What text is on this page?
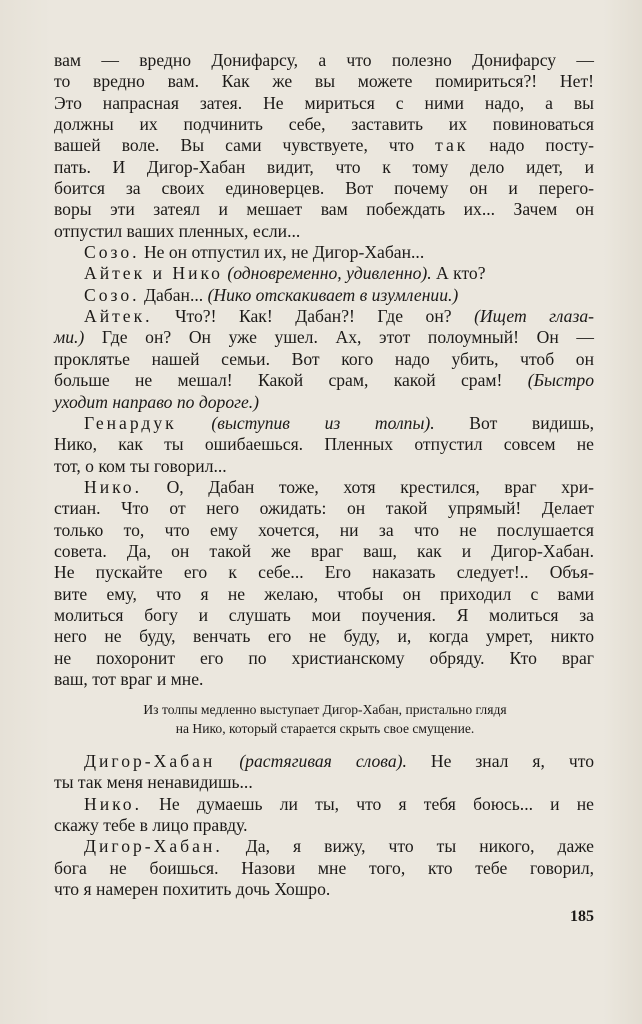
вам — вредно Донифарсу, а что полезно Донифарсу —

то вредно вам. Как же вы можете помириться?! Нет!

Это напрасная затея. Не мириться с ними надо, а вы

должны их подчинить себе, заставить их повиноваться

вашей воле. Вы сами чувствуете, что так надо посту-

пать. И Дигор-Хабан видит, что к тому дело идет, и

боится за своих единоверцев. Вот почему он и перего-

воры эти затеял и мешает вам побеждать их... Зачем он

отпустил ваших пленных, если...

Созо. Не он отпустил их, не Дигор-Хабан...

Айтек и Нико (одновременно, удивленно). А кто?

Созо. Дабан... (Нико отскакивает в изумлении.)

Айтек. Что?! Как! Дабан?! Где он? (Ищет глаза-

ми.) Где он? Он уже ушел. Ах, этот полоумный! Он —

проклятье нашей семьи. Вот кого надо убить, чтоб он

больше не мешал! Какой срам, какой срам! (Быстро

уходит направо по дороге.)

Генардук (выступив из толпы). Вот видишь,

Нико, как ты ошибаешься. Пленных отпустил совсем не

тот, о ком ты говорил...

Нико. О, Дабан тоже, хотя крестился, враг хри-

стиан. Что от него ожидать: он такой упрямый! Делает

только то, что ему хочется, ни за что не послушается

совета. Да, он такой же враг ваш, как и Дигор-Хабан.

Не пускайте его к себе... Его наказать следует!.. Объя-

вите ему, что я не желаю, чтобы он приходил с вами

молиться богу и слушать мои поучения. Я молиться за

него не буду, венчать его не буду, и, когда умрет, никто

не похоронит его по христианскому обряду. Кто враг

ваш, тот враг и мне.

Из толпы медленно выступает Дигор-Хабан, пристально глядя

на Нико, который старается скрыть свое смущение.

Дигор-Хабан (растягивая слова). Не знал я, что

ты так меня ненавидишь...

Нико. Не думаешь ли ты, что я тебя боюсь... и не

скажу тебе в лицо правду.

Дигор-Хабан. Да, я вижу, что ты никого, даже

бога не боишься. Назови мне того, кто тебе говорил,

что я намерен похитить дочь Хошро.

185
